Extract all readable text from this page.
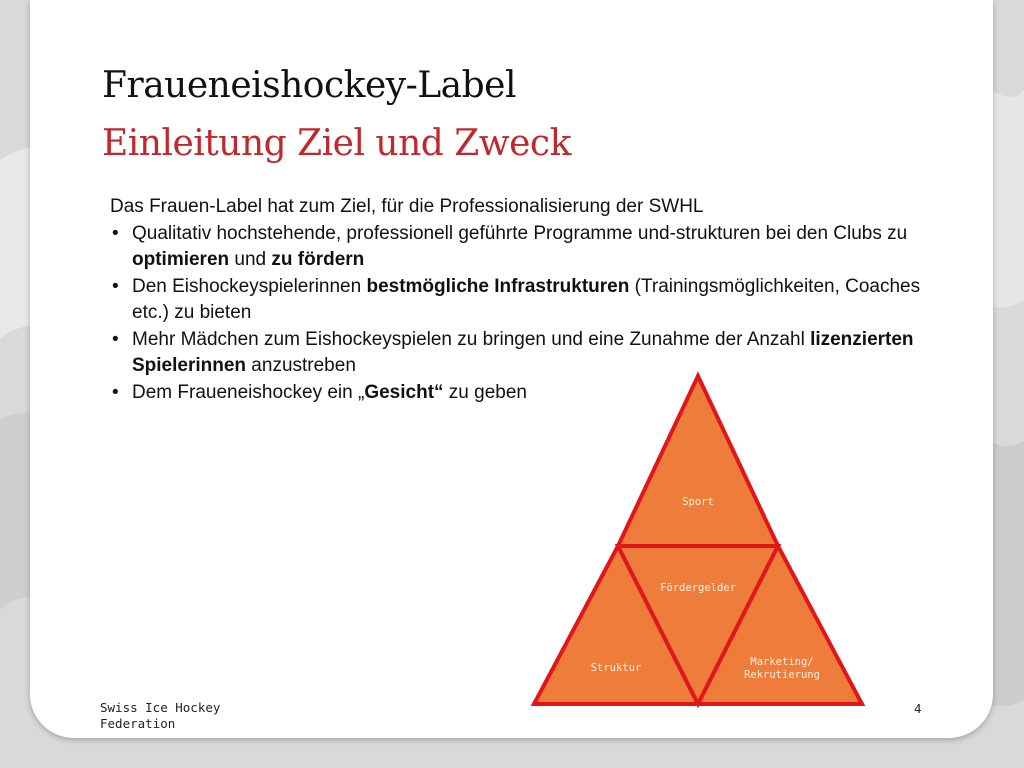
Fraueneishockey-Label
Einleitung Ziel und Zweck
Das Frauen-Label hat zum Ziel, für die Professionalisierung der SWHL
• Qualitativ hochstehende, professionell geführte Programme und-strukturen bei den Clubs zu optimieren und zu fördern
• Den Eishockeyspielerinnen bestmögliche Infrastrukturen (Trainingsmöglichkeiten, Coaches etc.) zu bieten
• Mehr Mädchen zum Eishockeyspielen zu bringen und eine Zunahme der Anzahl lizenzierten Spielerinnen anzustreben
• Dem Fraueneishockey ein „Gesicht“ zu geben
Sport
Fördergelder
Struktur	Marketing/
Rekrutierung
Swiss Ice Hockey
Federation
4
